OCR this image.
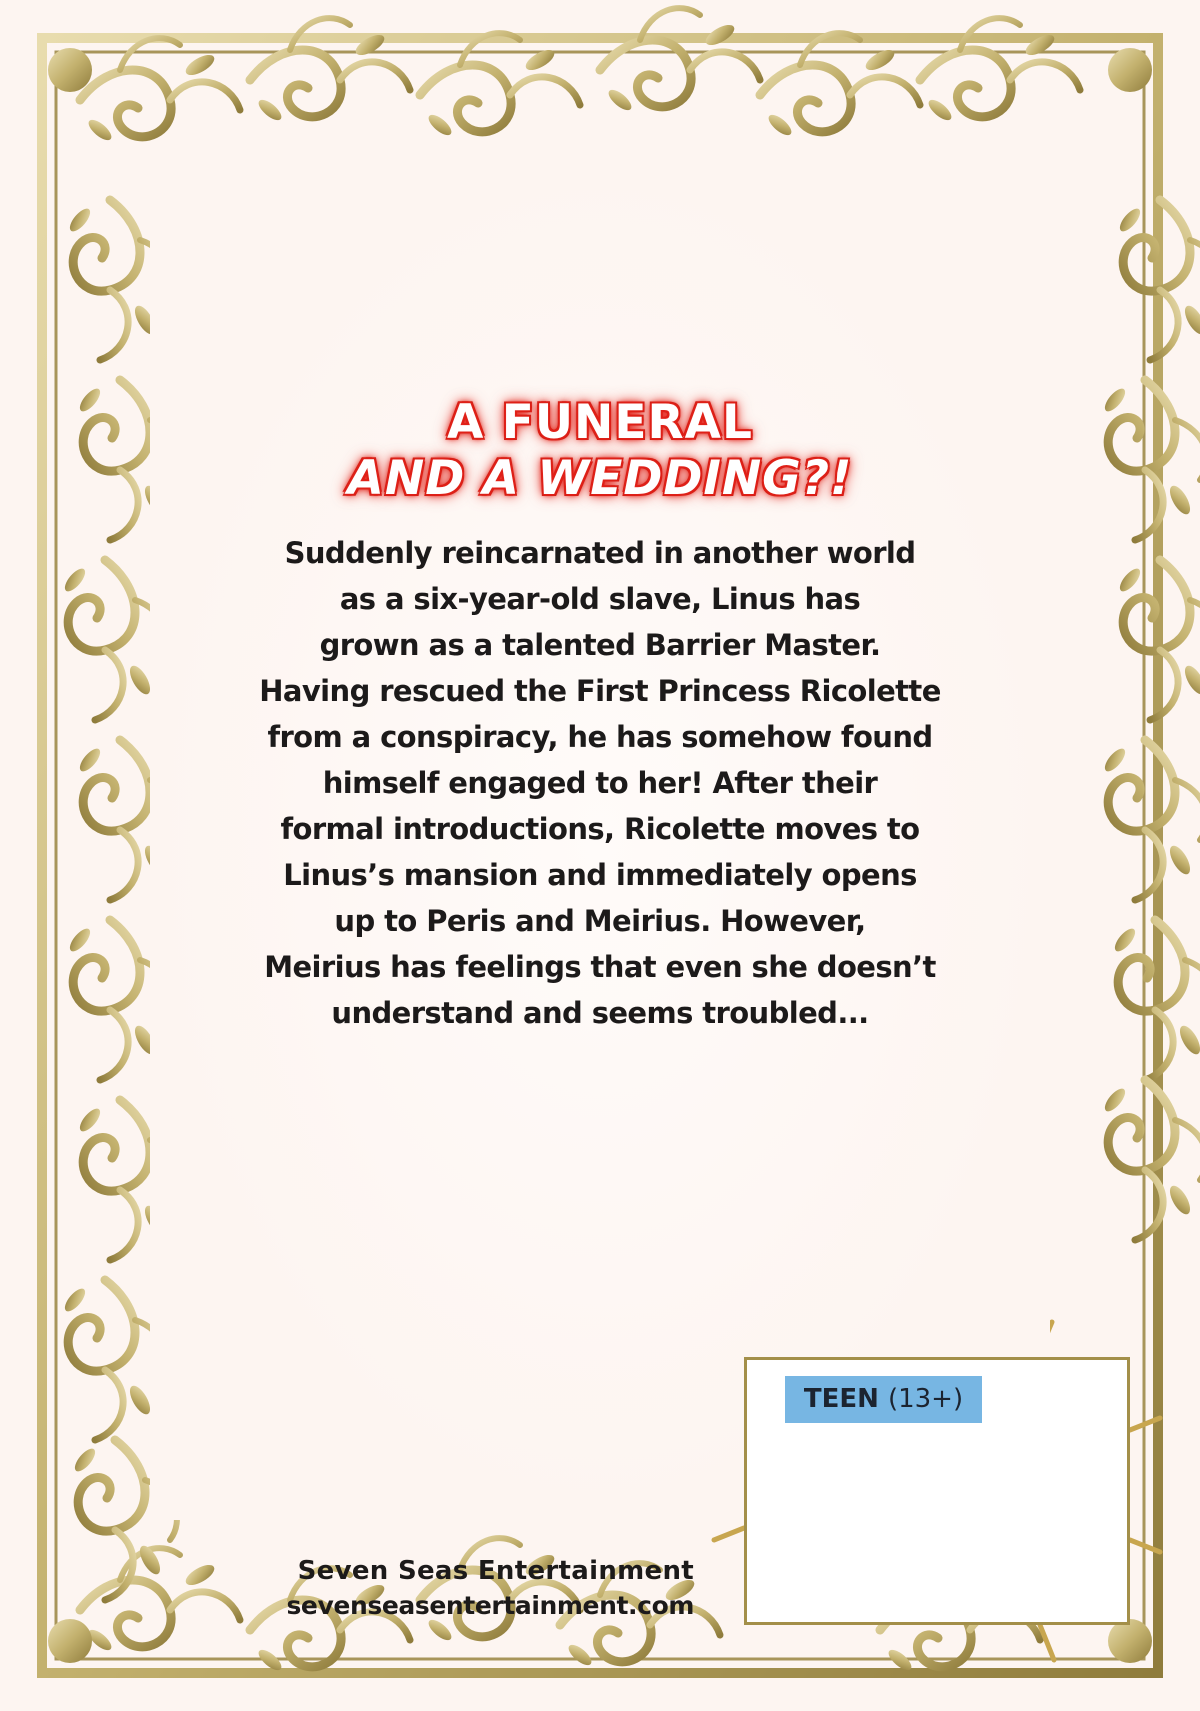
A FUNERAL
AND A WEDDING?!
Suddenly reincarnated in another world
as a six-year-old slave, Linus has
grown as a talented Barrier Master.
Having rescued the First Princess Ricolette
from a conspiracy, he has somehow found
himself engaged to her! After their
formal introductions, Ricolette moves to
Linus’s mansion and immediately opens
up to Peris and Meirius. However,
Meirius has feelings that even she doesn’t
understand and seems troubled...
Seven Seas Entertainment
sevenseasentertainment.com
TEEN (13+)
